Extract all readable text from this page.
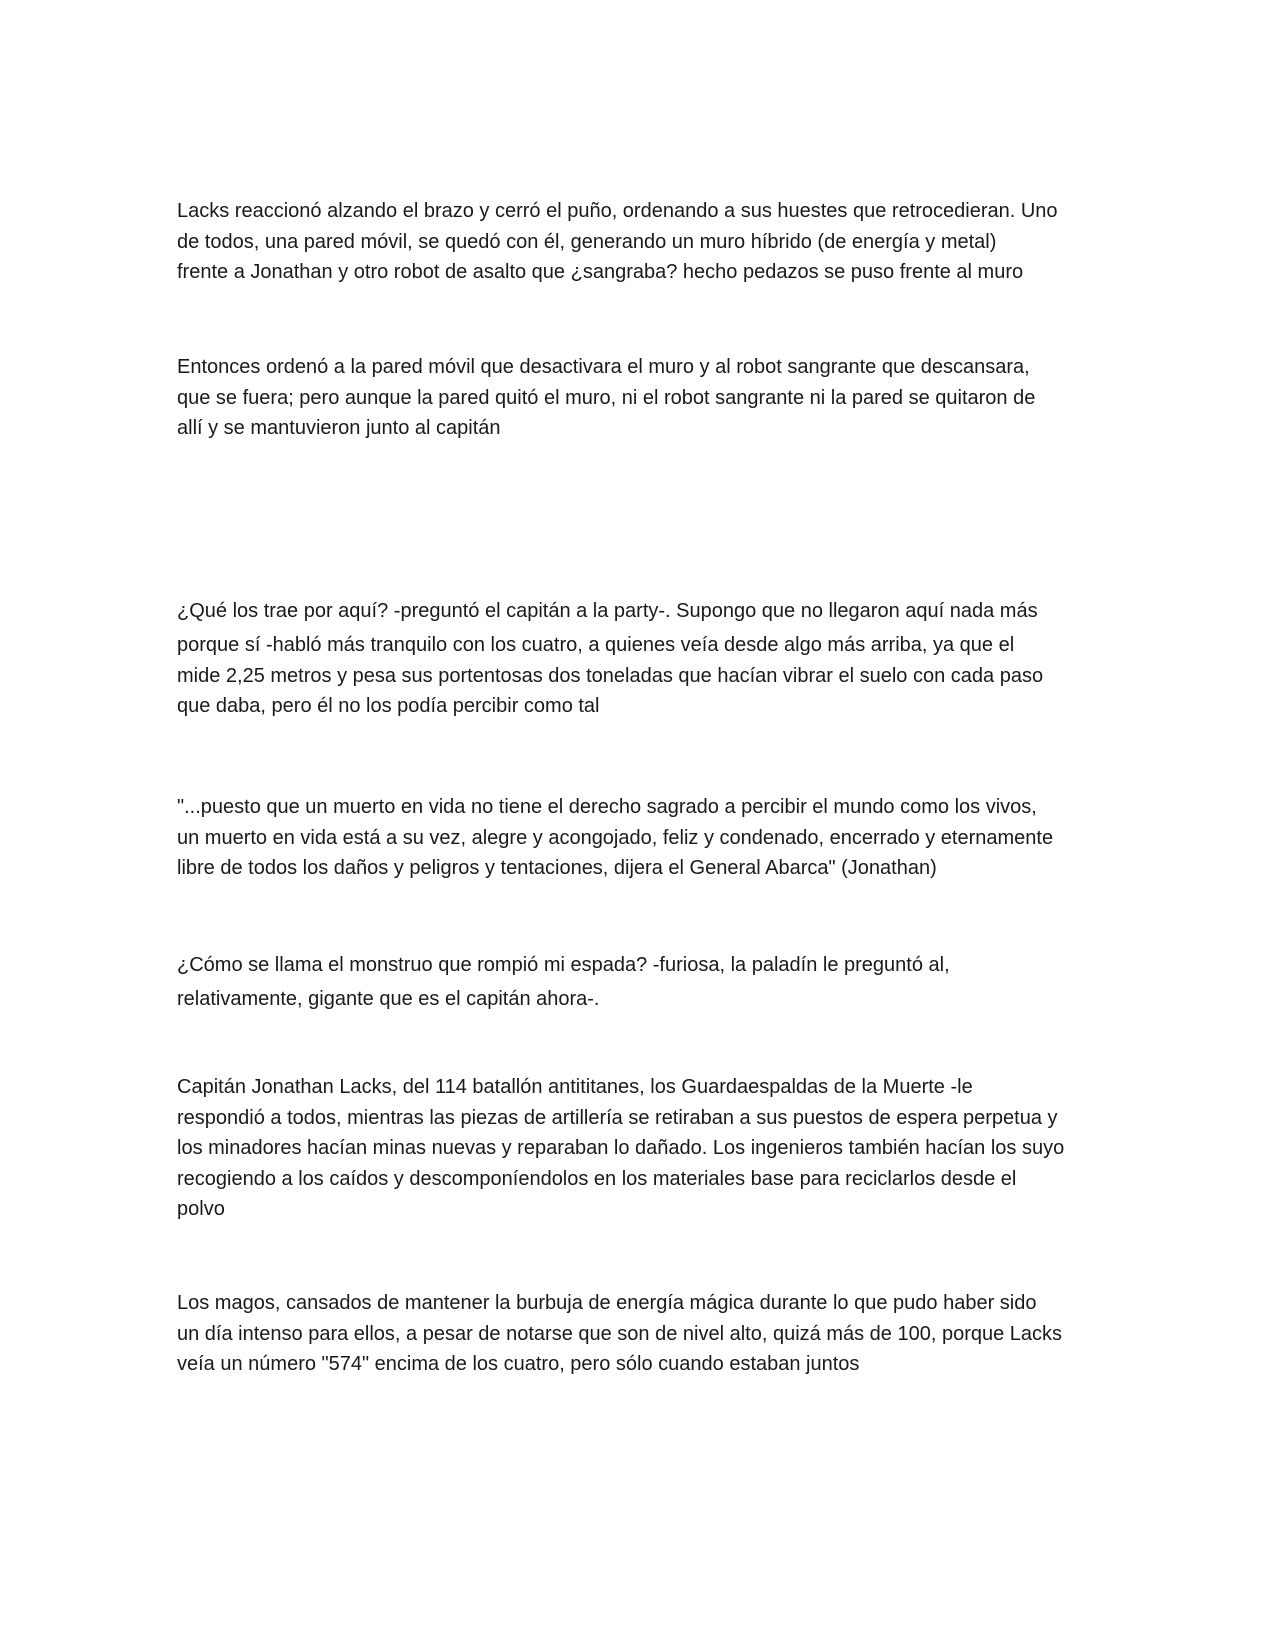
Lacks reaccionó alzando el brazo y cerró el puño, ordenando a sus huestes que retrocedieran. Uno
de todos, una pared móvil, se quedó con él, generando un muro híbrido (de energía y metal)
frente a Jonathan y otro robot de asalto que ¿sangraba? hecho pedazos se puso frente al muro

Entonces ordenó a la pared móvil que desactivara el muro y al robot sangrante que descansara,
que se fuera; pero aunque la pared quitó el muro, ni el robot sangrante ni la pared se quitaron de
allí y se mantuvieron junto al capitán

¿Qué los trae por aquí? -preguntó el capitán a la party-. Supongo que no llegaron aquí nada más
porque sí -habló más tranquilo con los cuatro, a quienes veía desde algo más arriba, ya que el
mide 2,25 metros y pesa sus portentosas dos toneladas que hacían vibrar el suelo con cada paso
que daba, pero él no los podía percibir como tal

"...puesto que un muerto en vida no tiene el derecho sagrado a percibir el mundo como los vivos,
un muerto en vida está a su vez, alegre y acongojado, feliz y condenado, encerrado y eternamente
libre de todos los daños y peligros y tentaciones, dijera el General Abarca" (Jonathan)

¿Cómo se llama el monstruo que rompió mi espada? -furiosa, la paladín le preguntó al,
relativamente, gigante que es el capitán ahora-.

Capitán Jonathan Lacks, del 114 batallón antititanes, los Guardaespaldas de la Muerte -le
respondió a todos, mientras las piezas de artillería se retiraban a sus puestos de espera perpetua y
los minadores hacían minas nuevas y reparaban lo dañado. Los ingenieros también hacían los suyo
recogiendo a los caídos y descomponíendolos en los materiales base para reciclarlos desde el
polvo

Los magos, cansados de mantener la burbuja de energía mágica durante lo que pudo haber sido
un día intenso para ellos, a pesar de notarse que son de nivel alto, quizá más de 100, porque Lacks
veía un número "574" encima de los cuatro, pero sólo cuando estaban juntos
